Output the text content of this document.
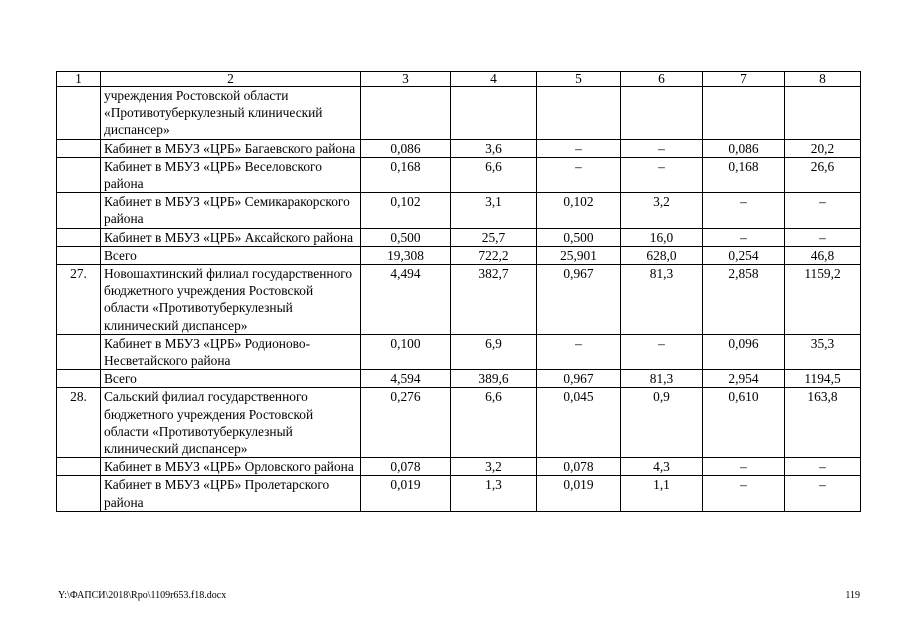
1	2	3	4	5	6	7	8
	учреждения Ростовской области «Противотуберкулезный клинический диспансер»						
	Кабинет в МБУЗ «ЦРБ» Багаевского района	0,086	3,6	–	–	0,086	20,2
	Кабинет в МБУЗ «ЦРБ» Веселовского района	0,168	6,6	–	–	0,168	26,6
	Кабинет в МБУЗ «ЦРБ» Семикаракорского района	0,102	3,1	0,102	3,2	–	–
	Кабинет в МБУЗ «ЦРБ» Аксайского района	0,500	25,7	0,500	16,0	–	–
	Всего	19,308	722,2	25,901	628,0	0,254	46,8
27.	Новошахтинский филиал государственного бюджетного учреждения Ростовской области «Противотуберкулезный клинический диспансер»	4,494	382,7	0,967	81,3	2,858	1159,2
	Кабинет в МБУЗ «ЦРБ» Родионово-Несветайского района	0,100	6,9	–	–	0,096	35,3
	Всего	4,594	389,6	0,967	81,3	2,954	1194,5
28.	Сальский филиал государственного бюджетного учреждения Ростовской области «Противотуберкулезный клинический диспансер»	0,276	6,6	0,045	0,9	0,610	163,8
	Кабинет в МБУЗ «ЦРБ» Орловского района	0,078	3,2	0,078	4,3	–	–
	Кабинет в МБУЗ «ЦРБ» Пролетарского района	0,019	1,3	0,019	1,1	–	–
Y:\ФАПСИ\2018\Rpo\1109r653.f18.docx	119
